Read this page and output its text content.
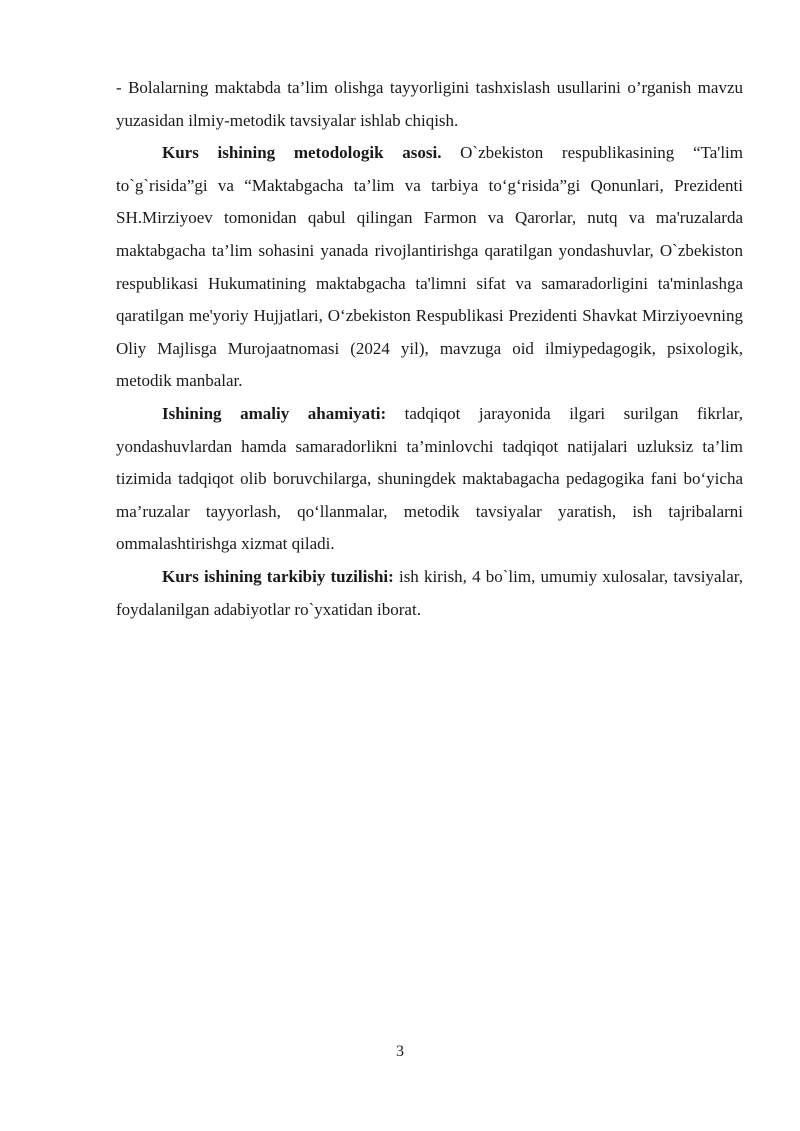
- Bolalarning maktabda ta’lim olishga tayyorligini tashxislash usullarini o’rganish mavzu yuzasidan ilmiy-metodik tavsiyalar ishlab chiqish.

Kurs ishining metodologik asosi. O`zbekiston respublikasining “Ta'lim to`g`risida”gi va “Maktabgacha ta’lim va tarbiya to‘g‘risida”gi Qonunlari, Prezidenti SH.Mirziyoev tomonidan qabul qilingan Farmon va Qarorlar, nutq va ma'ruzalarda maktabgacha ta’lim sohasini yanada rivojlantirishga qaratilgan yondashuvlar, O`zbekiston respublikasi Hukumatining maktabgacha ta'limni sifat va samaradorligini ta'minlashga qaratilgan me'yoriy Hujjatlari, O‘zbekiston Respublikasi Prezidenti Shavkat Mirziyoevning Oliy Majlisga Murojaatnomasi (2024 yil), mavzuga oid ilmiypedagogik, psixologik, metodik manbalar.

Ishining amaliy ahamiyati: tadqiqot jarayonida ilgari surilgan fikrlar, yondashuvlardan hamda samaradorlikni ta’minlovchi tadqiqot natijalari uzluksiz ta’lim tizimida tadqiqot olib boruvchilarga, shuningdek maktabagacha pedagogika fani bo‘yicha ma’ruzalar tayyorlash, qo‘llanmalar, metodik tavsiyalar yaratish, ish tajribalarni ommalashtirishga xizmat qiladi.

Kurs ishining tarkibiy tuzilishi: ish kirish, 4 bo`lim, umumiy xulosalar, tavsiyalar, foydalanilgan adabiyotlar ro`yxatidan iborat.

3
